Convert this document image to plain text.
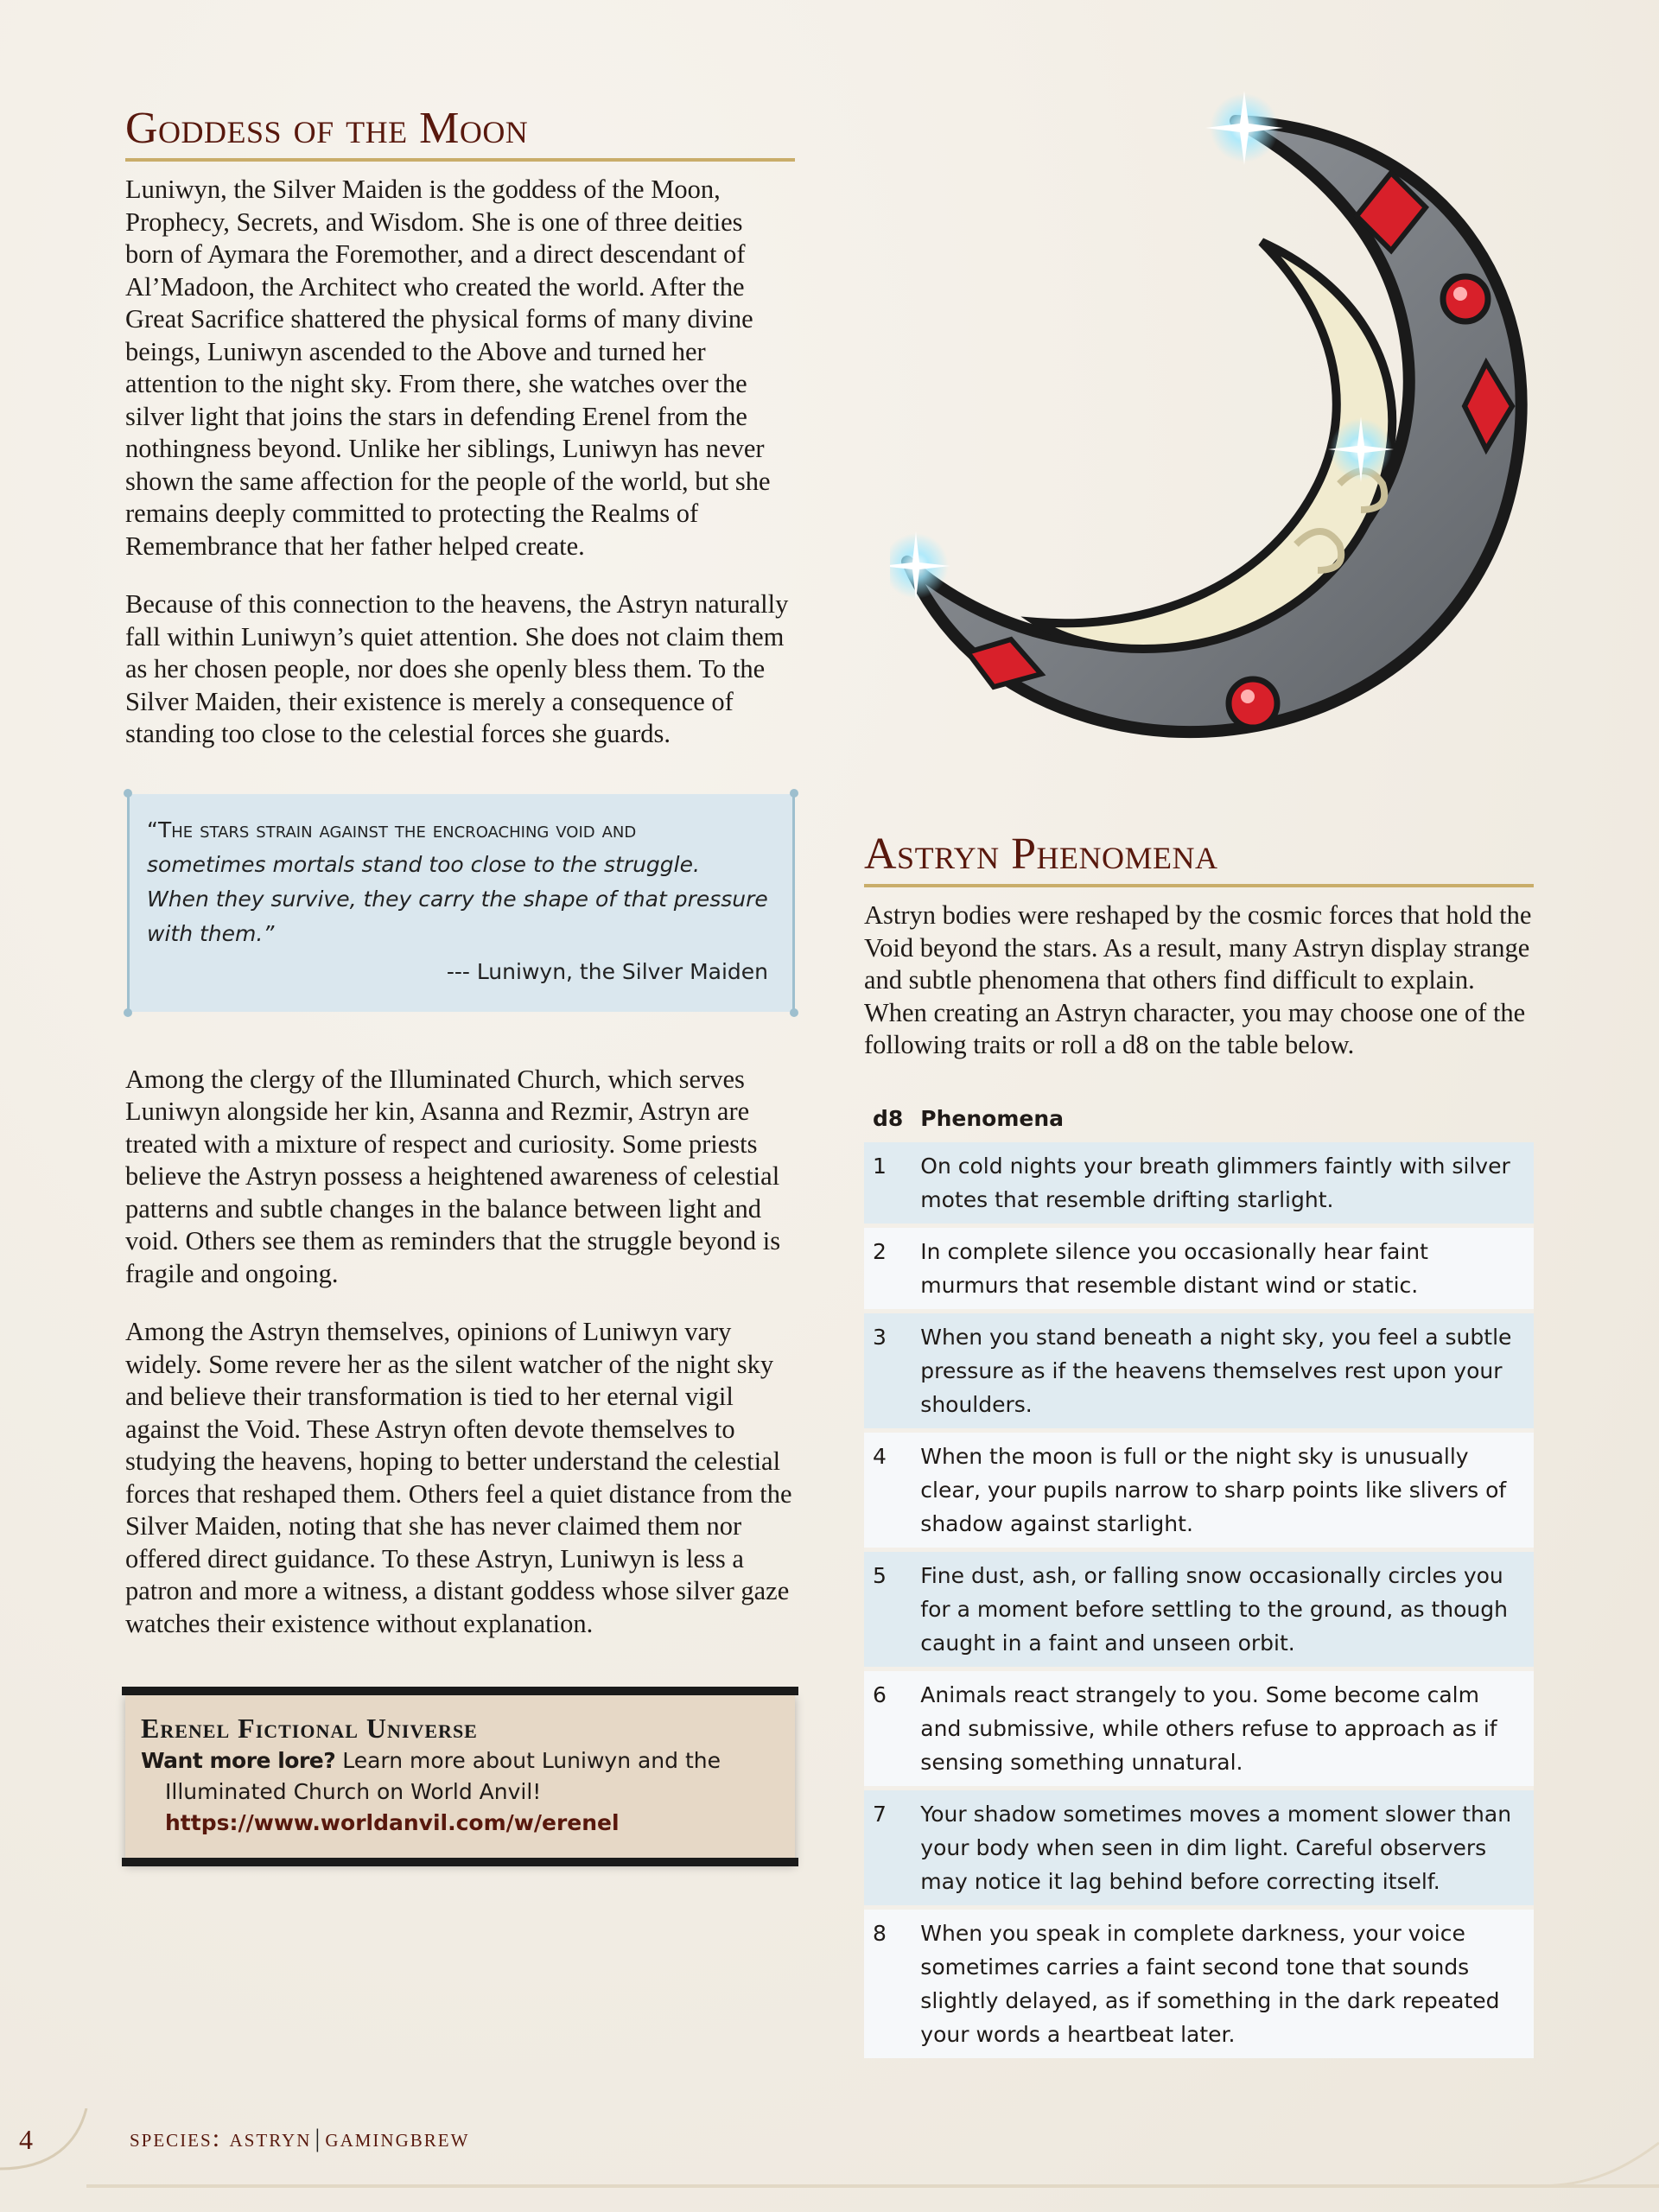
Goddess of the Moon

Luniwyn, the Silver Maiden is the goddess of the Moon, Prophecy, Secrets, and Wisdom. She is one of three deities born of Aymara the Foremother, and a direct descendant of Al’Madoon, the Architect who created the world. After the Great Sacrifice shattered the physical forms of many divine beings, Luniwyn ascended to the Above and turned her attention to the night sky. From there, she watches over the silver light that joins the stars in defending Erenel from the nothingness beyond. Unlike her siblings, Luniwyn has never shown the same affection for the people of the world, but she remains deeply committed to protecting the Realms of Remembrance that her father helped create.

Because of this connection to the heavens, the Astryn naturally fall within Luniwyn’s quiet attention. She does not claim them as her chosen people, nor does she openly bless them. To the Silver Maiden, their existence is merely a consequence of standing too close to the celestial forces she guards.

“The stars strain against the encroaching void and
sometimes mortals stand too close to the struggle. When they survive, they carry the shape of that pressure with them.”
--- Luniwyn, the Silver Maiden

Among the clergy of the Illuminated Church, which serves Luniwyn alongside her kin, Asanna and Rezmir, Astryn are treated with a mixture of respect and curiosity. Some priests believe the Astryn possess a heightened awareness of celestial patterns and subtle changes in the balance between light and void. Others see them as reminders that the struggle beyond is fragile and ongoing.

Among the Astryn themselves, opinions of Luniwyn vary widely. Some revere her as the silent watcher of the night sky and believe their transformation is tied to her eternal vigil against the Void. These Astryn often devote themselves to studying the heavens, hoping to better understand the celestial forces that reshaped them. Others feel a quiet distance from the Silver Maiden, noting that she has never claimed them nor offered direct guidance. To these Astryn, Luniwyn is less a patron and more a witness, a distant goddess whose silver gaze watches their existence without explanation.

Erenel Fictional Universe
Want more lore? Learn more about Luniwyn and the
Illuminated Church on World Anvil!
https://www.worldanvil.com/w/erenel
Astryn Phenomena

Astryn bodies were reshaped by the cosmic forces that hold the Void beyond the stars. As a result, many Astryn display strange and subtle phenomena that others find difficult to explain. When creating an Astryn character, you may choose one of the following traits or roll a d8 on the table below.

d8	Phenomena
1	On cold nights your breath glimmers faintly with silver motes that resemble drifting starlight.
2	In complete silence you occasionally hear faint murmurs that resemble distant wind or static.
3	When you stand beneath a night sky, you feel a subtle pressure as if the heavens themselves rest upon your shoulders.
4	When the moon is full or the night sky is unusually clear, your pupils narrow to sharp points like slivers of shadow against starlight.
5	Fine dust, ash, or falling snow occasionally circles you for a moment before settling to the ground, as though caught in a faint and unseen orbit.
6	Animals react strangely to you. Some become calm and submissive, while others refuse to approach as if sensing something unnatural.
7	Your shadow sometimes moves a moment slower than your body when seen in dim light. Careful observers may notice it lag behind before correcting itself.
8	When you speak in complete darkness, your voice sometimes carries a faint second tone that sounds slightly delayed, as if something in the dark repeated your words a heartbeat later.
4	species: astryn | gamingbrew
